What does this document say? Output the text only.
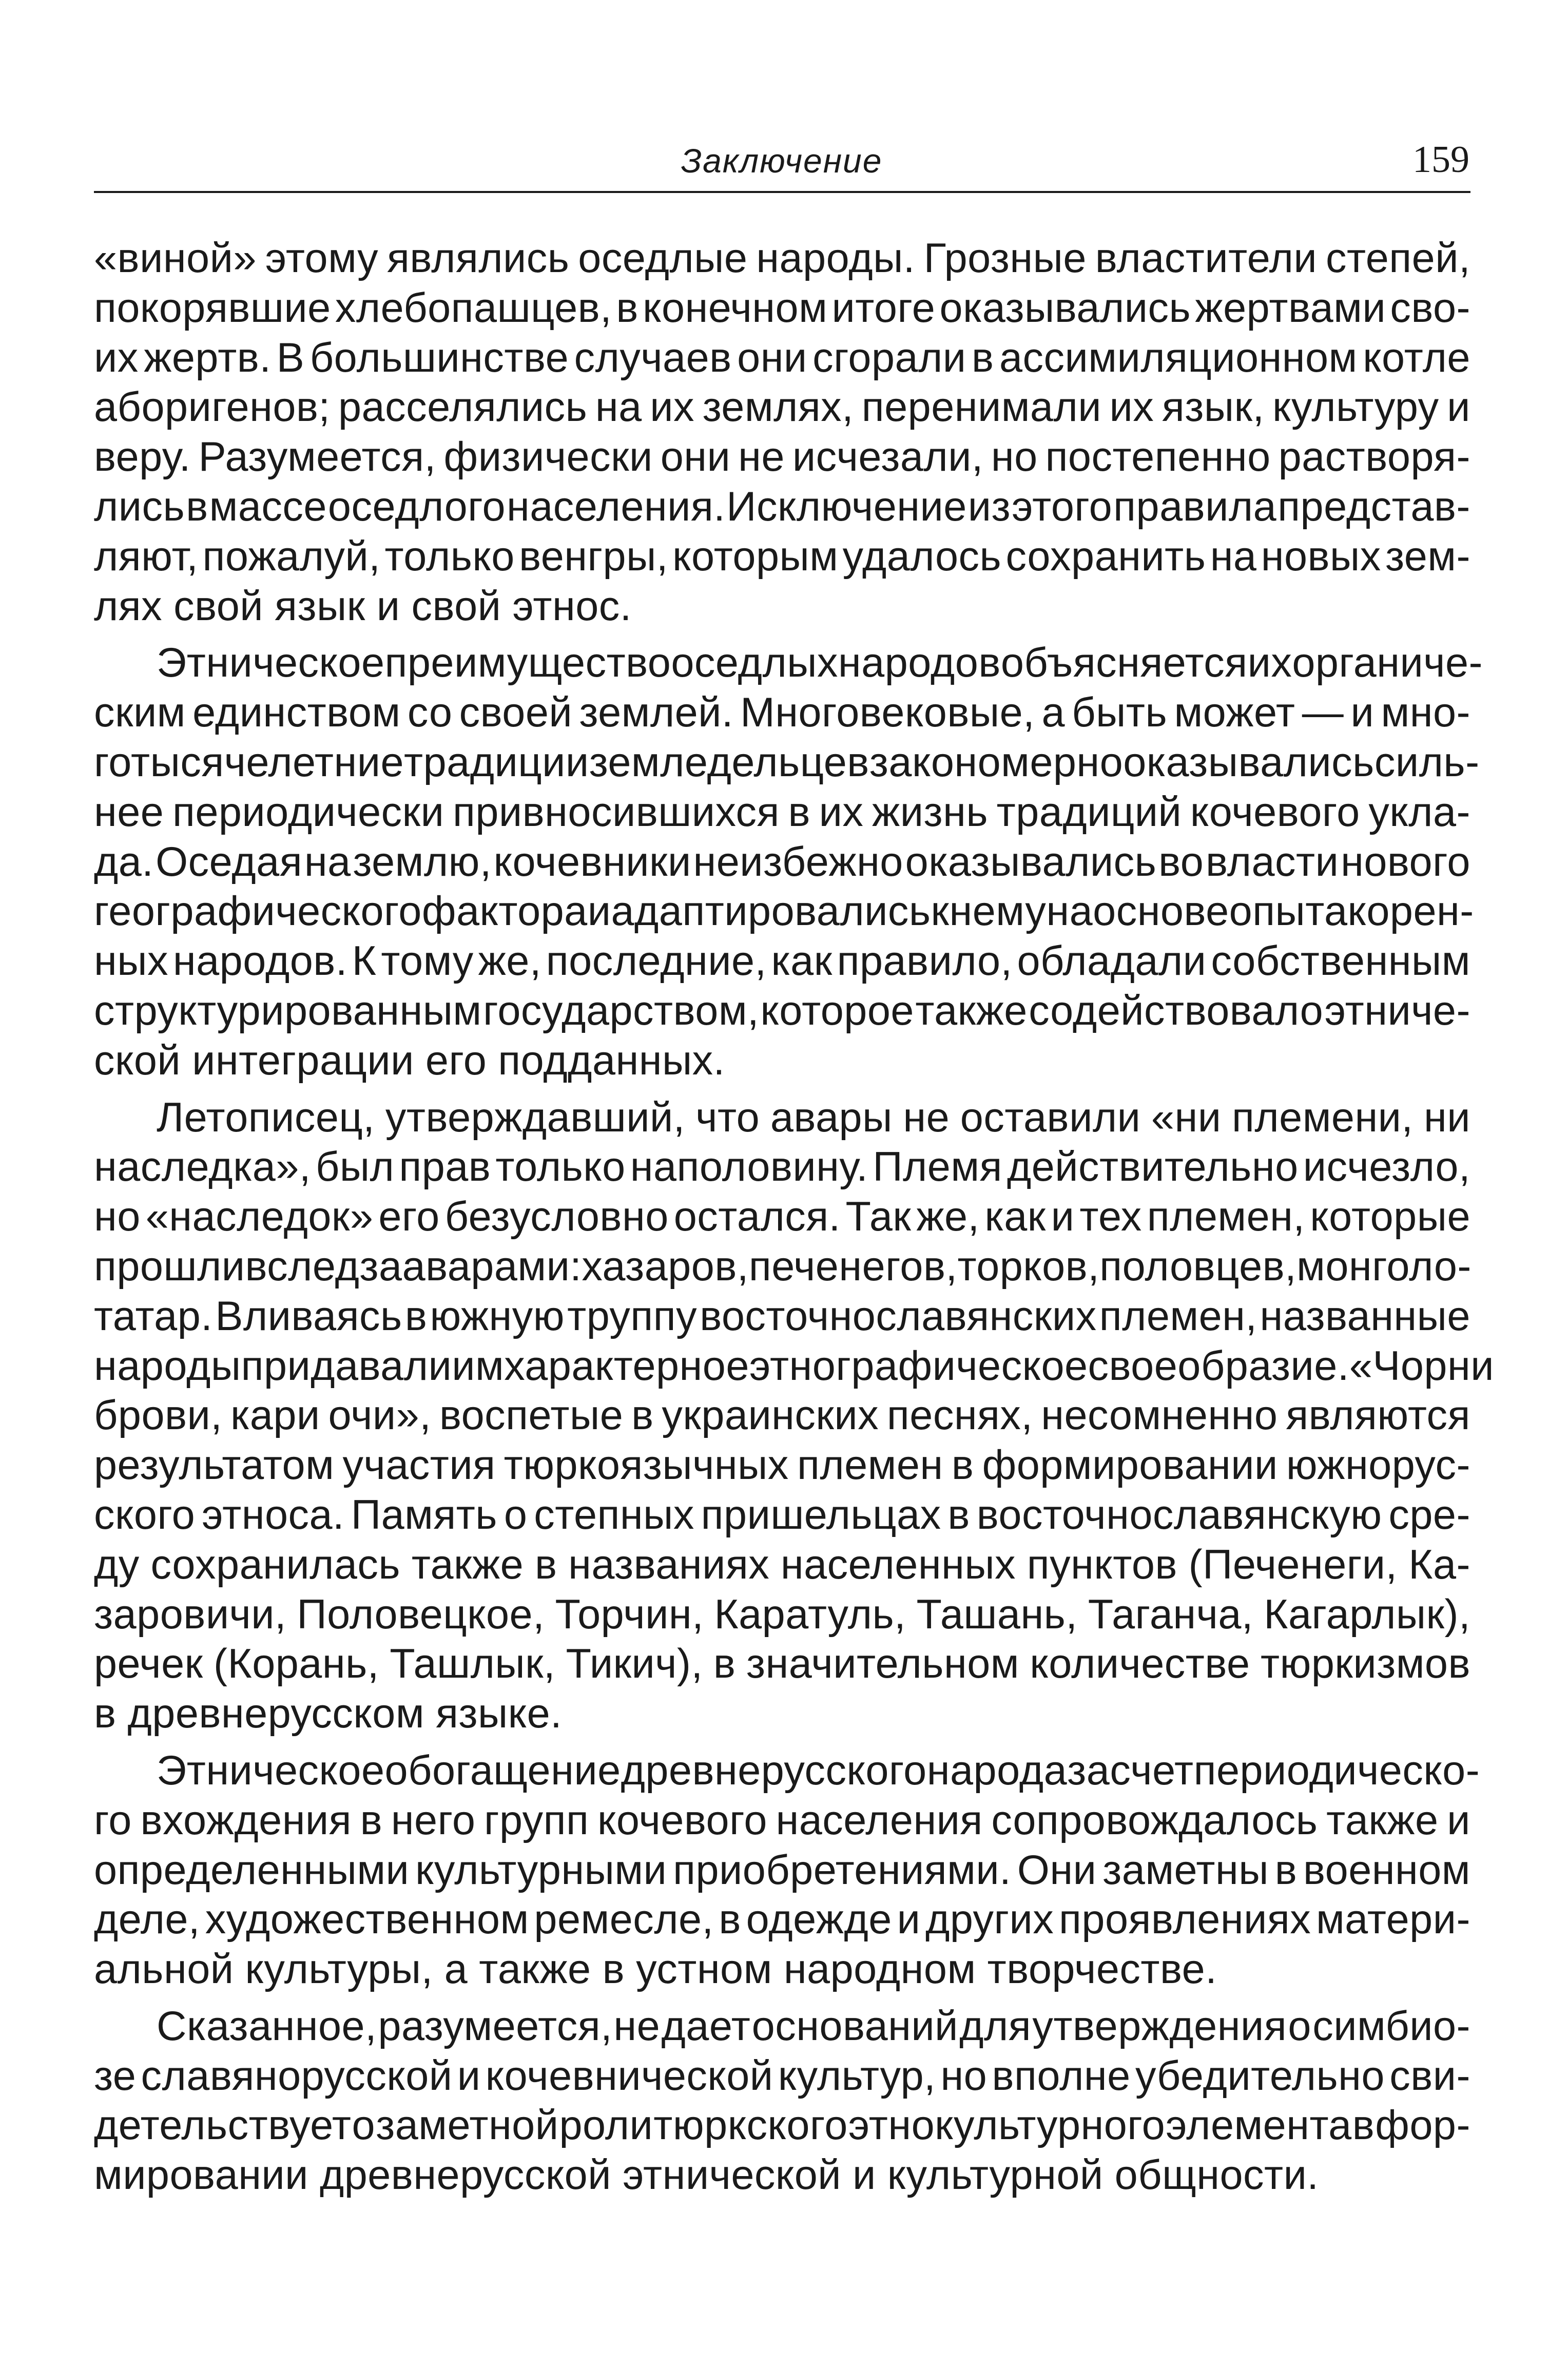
Заключение	159
«виной» этому являлись оседлые народы. Грозные властители степей,
покорявшие хлебопашцев, в конечном итоге оказывались жертвами сво-
их жертв. В большинстве случаев они сгорали в ассимиляционном котле
аборигенов; расселялись на их землях, перенимали их язык, культуру и
веру. Разумеется, физически они не исчезали, но постепенно растворя-
лись в массе оседлого населения. Исключение из этого правила представ-
ляют, пожалуй, только венгры, которым удалось сохранить на новых зем-
лях свой язык и свой этнос.
Этническое преимущество оседлых народов объясняется их органиче-
ским единством со своей землей. Многовековые, а быть может — и мно-
готысячелетние традиции земледельцев закономерно оказывались силь-
нее периодически привносившихся в их жизнь традиций кочевого укла-
да. Оседая на землю, кочевники неизбежно оказывались во власти нового
географического фактора и адаптировались к нему на основе опыта корен-
ных народов. К тому же, последние, как правило, обладали собственным
структурированным государством, которое также содействовало этниче-
ской интеграции его подданных.
Летописец, утверждавший, что авары не оставили «ни племени, ни
наследка», был прав только наполовину. Племя действительно исчезло,
но «наследок» его безусловно остался. Так же, как и тех племен, которые
прошли вслед за аварами: хазаров, печенегов, торков, половцев, монголо-
татар. Вливаясь в южную труппу восточнославянских племен, названные
народы придавали им характерное этнографическое своеобразие. «Чорни
брови, кари очи», воспетые в украинских песнях, несомненно являются
результатом участия тюркоязычных племен в формировании южнорус-
ского этноса. Память о степных пришельцах в восточнославянскую сре-
ду сохранилась также в названиях населенных пунктов (Печенеги, Ка-
заровичи, Половецкое, Торчин, Каратуль, Ташань, Таганча, Кагарлык),
речек (Корань, Ташлык, Тикич), в значительном количестве тюркизмов
в древнерусском языке.
Этническое обогащение древнерусского народа за счет периодическо-
го вхождения в него групп кочевого населения сопровождалось также и
определенными культурными приобретениями. Они заметны в военном
деле, художественном ремесле, в одежде и других проявлениях матери-
альной культуры, а также в устном народном творчестве.
Сказанное, разумеется, не дает оснований для утверждения о симбио-
зе славянорусской и кочевнической культур, но вполне убедительно сви-
детельствует о заметной роли тюркского этнокультурного элемента в фор-
мировании древнерусской этнической и культурной общности.
